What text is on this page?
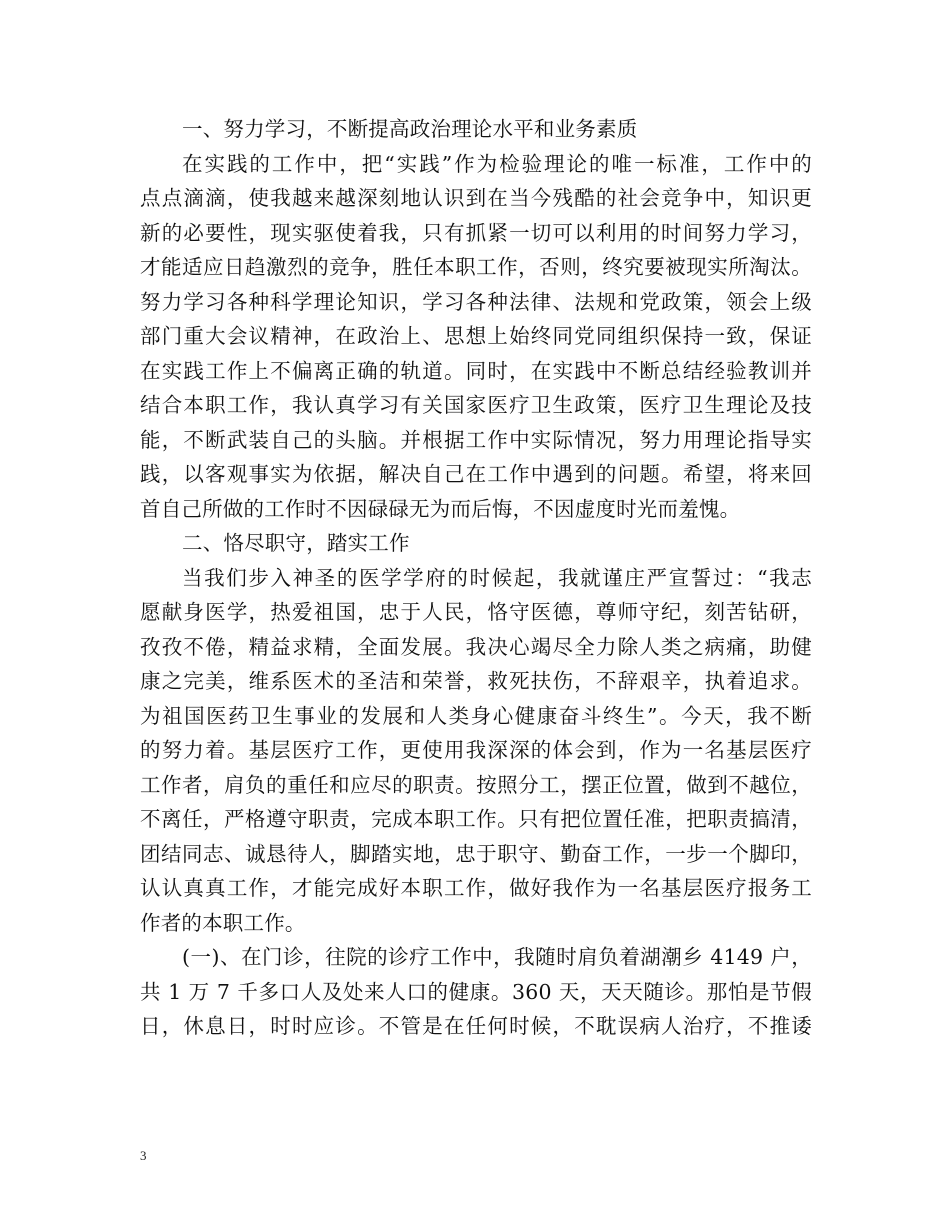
一、努力学习，不断提高政治理论水平和业务素质
在实践的工作中，把“实践”作为检验理论的唯一标准，工作中的
点点滴滴，使我越来越深刻地认识到在当今残酷的社会竞争中，知识更
新的必要性，现实驱使着我，只有抓紧一切可以利用的时间努力学习，
才能适应日趋激烈的竞争，胜任本职工作，否则，终究要被现实所淘汰。
努力学习各种科学理论知识，学习各种法律、法规和党政策，领会上级
部门重大会议精神，在政治上、思想上始终同党同组织保持一致，保证
在实践工作上不偏离正确的轨道。同时，在实践中不断总结经验教训并
结合本职工作，我认真学习有关国家医疗卫生政策，医疗卫生理论及技
能，不断武装自己的头脑。并根据工作中实际情况，努力用理论指导实
践，以客观事实为依据，解决自己在工作中遇到的问题。希望，将来回
首自己所做的工作时不因碌碌无为而后悔，不因虚度时光而羞愧。
二、恪尽职守，踏实工作
当我们步入神圣的医学学府的时候起，我就谨庄严宣誓过：“我志
愿献身医学，热爱祖国，忠于人民，恪守医德，尊师守纪，刻苦钻研，
孜孜不倦，精益求精，全面发展。我决心竭尽全力除人类之病痛，助健
康之完美，维系医术的圣洁和荣誉，救死扶伤，不辞艰辛，执着追求。
为祖国医药卫生事业的发展和人类身心健康奋斗终生”。今天，我不断
的努力着。基层医疗工作，更使用我深深的体会到，作为一名基层医疗
工作者，肩负的重任和应尽的职责。按照分工，摆正位置，做到不越位，
不离任，严格遵守职责，完成本职工作。只有把位置任准，把职责搞清，
团结同志、诚恳待人，脚踏实地，忠于职守、勤奋工作，一步一个脚印，
认认真真工作，才能完成好本职工作，做好我作为一名基层医疗报务工
作者的本职工作。
(一)、在门诊，往院的诊疗工作中，我随时肩负着湖潮乡 4149 户，
共 1 万 7 千多口人及处来人口的健康。360 天，天天随诊。那怕是节假
日，休息日，时时应诊。不管是在任何时候，不耽误病人治疗，不推诿
3
